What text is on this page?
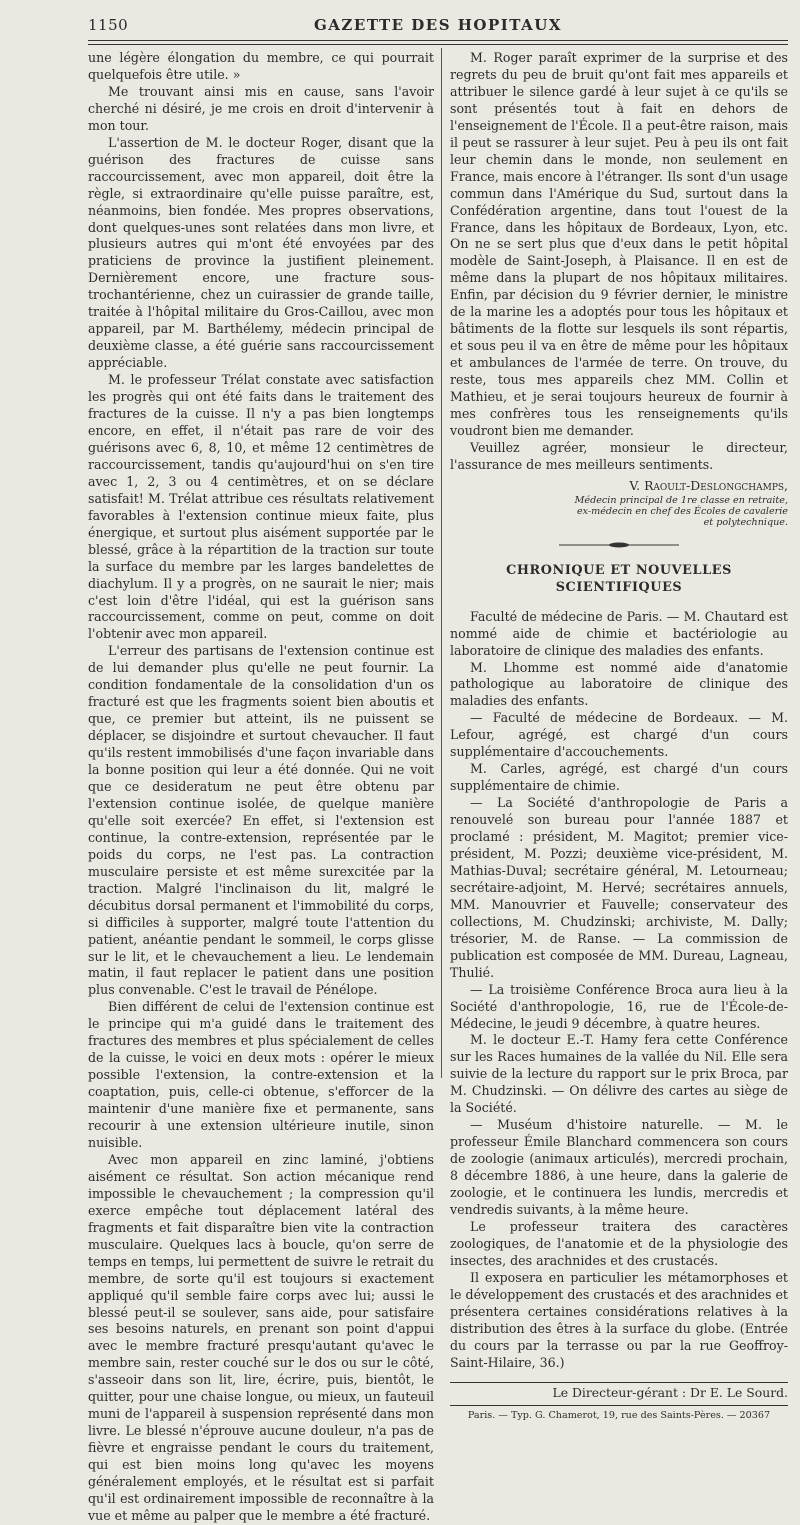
1150	GAZETTE DES HOPITAUX

une légère élongation du membre, ce qui pourrait quelquefois être utile. »

Me trouvant ainsi mis en cause, sans l'avoir cherché ni désiré, je me crois en droit d'intervenir à mon tour.

L'assertion de M. le docteur Roger, disant que la guérison des fractures de cuisse sans raccourcissement, avec mon appareil, doit être la règle, si extraordinaire qu'elle puisse paraître, est, néanmoins, bien fondée. Mes propres observations, dont quelques-unes sont relatées dans mon livre, et plusieurs autres qui m'ont été envoyées par des praticiens de province la justifient pleinement. Dernièrement encore, une fracture sous-trochantérienne, chez un cuirassier de grande taille, traitée à l'hôpital militaire du Gros-Caillou, avec mon appareil, par M. Barthélemy, médecin principal de deuxième classe, a été guérie sans raccourcissement appréciable.

M. le professeur Trélat constate avec satisfaction les progrès qui ont été faits dans le traitement des fractures de la cuisse. Il n'y a pas bien longtemps encore, en effet, il n'était pas rare de voir des guérisons avec 6, 8, 10, et même 12 centimètres de raccourcissement, tandis qu'aujourd'hui on s'en tire avec 1, 2, 3 ou 4 centimètres, et on se déclare satisfait! M. Trélat attribue ces résultats relativement favorables à l'extension continue mieux faite, plus énergique, et surtout plus aisément supportée par le blessé, grâce à la répartition de la traction sur toute la surface du membre par les larges bandelettes de diachylum. Il y a progrès, on ne saurait le nier; mais c'est loin d'être l'idéal, qui est la guérison sans raccourcissement, comme on peut, comme on doit l'obtenir avec mon appareil.

L'erreur des partisans de l'extension continue est de lui demander plus qu'elle ne peut fournir. La condition fondamentale de la consolidation d'un os fracturé est que les fragments soient bien aboutis et que, ce premier but atteint, ils ne puissent se déplacer, se disjoindre et surtout chevaucher. Il faut qu'ils restent immobilisés d'une façon invariable dans la bonne position qui leur a été donnée. Qui ne voit que ce desideratum ne peut être obtenu par l'extension continue isolée, de quelque manière qu'elle soit exercée? En effet, si l'extension est continue, la contre-extension, représentée par le poids du corps, ne l'est pas. La contraction musculaire persiste et est même surexcitée par la traction. Malgré l'inclinaison du lit, malgré le décubitus dorsal permanent et l'immobilité du corps, si difficiles à supporter, malgré toute l'attention du patient, anéantie pendant le sommeil, le corps glisse sur le lit, et le chevauchement a lieu. Le lendemain matin, il faut replacer le patient dans une position plus convenable. C'est le travail de Pénélope.

Bien différent de celui de l'extension continue est le principe qui m'a guidé dans le traitement des fractures des membres et plus spécialement de celles de la cuisse, le voici en deux mots : opérer le mieux possible l'extension, la contre-extension et la coaptation, puis, celle-ci obtenue, s'efforcer de la maintenir d'une manière fixe et permanente, sans recourir à une extension ultérieure inutile, sinon nuisible.

Avec mon appareil en zinc laminé, j'obtiens aisément ce résultat. Son action mécanique rend impossible le chevauchement ; la compression qu'il exerce empêche tout déplacement latéral des fragments et fait disparaître bien vite la contraction musculaire. Quelques lacs à boucle, qu'on serre de temps en temps, lui permettent de suivre le retrait du membre, de sorte qu'il est toujours si exactement appliqué qu'il semble faire corps avec lui; aussi le blessé peut-il se soulever, sans aide, pour satisfaire ses besoins naturels, en prenant son point d'appui avec le membre fracturé presqu'autant qu'avec le membre sain, rester couché sur le dos ou sur le côté, s'asseoir dans son lit, lire, écrire, puis, bientôt, le quitter, pour une chaise longue, ou mieux, un fauteuil muni de l'appareil à suspension représenté dans mon livre. Le blessé n'éprouve aucune douleur, n'a pas de fièvre et engraisse pendant le cours du traitement, qui est bien moins long qu'avec les moyens généralement employés, et le résultat est si parfait qu'il est ordinairement impossible de reconnaître à la vue et même au palper que le membre a été fracturé.

M. Roger paraît exprimer de la surprise et des regrets du peu de bruit qu'ont fait mes appareils et attribuer le silence gardé à leur sujet à ce qu'ils se sont présentés tout à fait en dehors de l'enseignement de l'École. Il a peut-être raison, mais il peut se rassurer à leur sujet. Peu à peu ils ont fait leur chemin dans le monde, non seulement en France, mais encore à l'étranger. Ils sont d'un usage commun dans l'Amérique du Sud, surtout dans la Confédération argentine, dans tout l'ouest de la France, dans les hôpitaux de Bordeaux, Lyon, etc. On ne se sert plus que d'eux dans le petit hôpital modèle de Saint-Joseph, à Plaisance. Il en est de même dans la plupart de nos hôpitaux militaires. Enfin, par décision du 9 février dernier, le ministre de la marine les a adoptés pour tous les hôpitaux et bâtiments de la flotte sur lesquels ils sont répartis, et sous peu il va en être de même pour les hôpitaux et ambulances de l'armée de terre. On trouve, du reste, tous mes appareils chez MM. Collin et Mathieu, et je serai toujours heureux de fournir à mes confrères tous les renseignements qu'ils voudront bien me demander.

Veuillez agréer, monsieur le directeur, l'assurance de mes meilleurs sentiments.

V. Raoult-Deslongchamps,
Médecin principal de 1re classe en retraite,
ex-médecin en chef des Écoles de cavalerie
et polytechnique.
CHRONIQUE ET NOUVELLES SCIENTIFIQUES

Faculté de médecine de Paris. — M. Chautard est nommé aide de chimie et bactériologie au laboratoire de clinique des maladies des enfants.

M. Lhomme est nommé aide d'anatomie pathologique au laboratoire de clinique des maladies des enfants.

— Faculté de médecine de Bordeaux. — M. Lefour, agrégé, est chargé d'un cours supplémentaire d'accouchements.

M. Carles, agrégé, est chargé d'un cours supplémentaire de chimie.

— La Société d'anthropologie de Paris a renouvelé son bureau pour l'année 1887 et proclamé : président, M. Magitot; premier vice-président, M. Pozzi; deuxième vice-président, M. Mathias-Duval; secrétaire général, M. Letourneau; secrétaire-adjoint, M. Hervé; secrétaires annuels, MM. Manouvrier et Fauvelle; conservateur des collections, M. Chudzinski; archiviste, M. Dally; trésorier, M. de Ranse. — La commission de publication est composée de MM. Dureau, Lagneau, Thulié.

— La troisième Conférence Broca aura lieu à la Société d'anthropologie, 16, rue de l'École-de-Médecine, le jeudi 9 décembre, à quatre heures.

M. le docteur E.-T. Hamy fera cette Conférence sur les Races humaines de la vallée du Nil. Elle sera suivie de la lecture du rapport sur le prix Broca, par M. Chudzinski. — On délivre des cartes au siège de la Société.

— Muséum d'histoire naturelle. — M. le professeur Émile Blanchard commencera son cours de zoologie (animaux articulés), mercredi prochain, 8 décembre 1886, à une heure, dans la galerie de zoologie, et le continuera les lundis, mercredis et vendredis suivants, à la même heure.

Le professeur traitera des caractères zoologiques, de l'anatomie et de la physiologie des insectes, des arachnides et des crustacés.

Il exposera en particulier les métamorphoses et le développement des crustacés et des arachnides et présentera certaines considérations relatives à la distribution des êtres à la surface du globe. (Entrée du cours par la terrasse ou par la rue Geoffroy-Saint-Hilaire, 36.)

Le Directeur-gérant : Dr E. Le Sourd.
Paris. — Typ. G. Chamerot, 19, rue des Saints-Pères. — 20367
